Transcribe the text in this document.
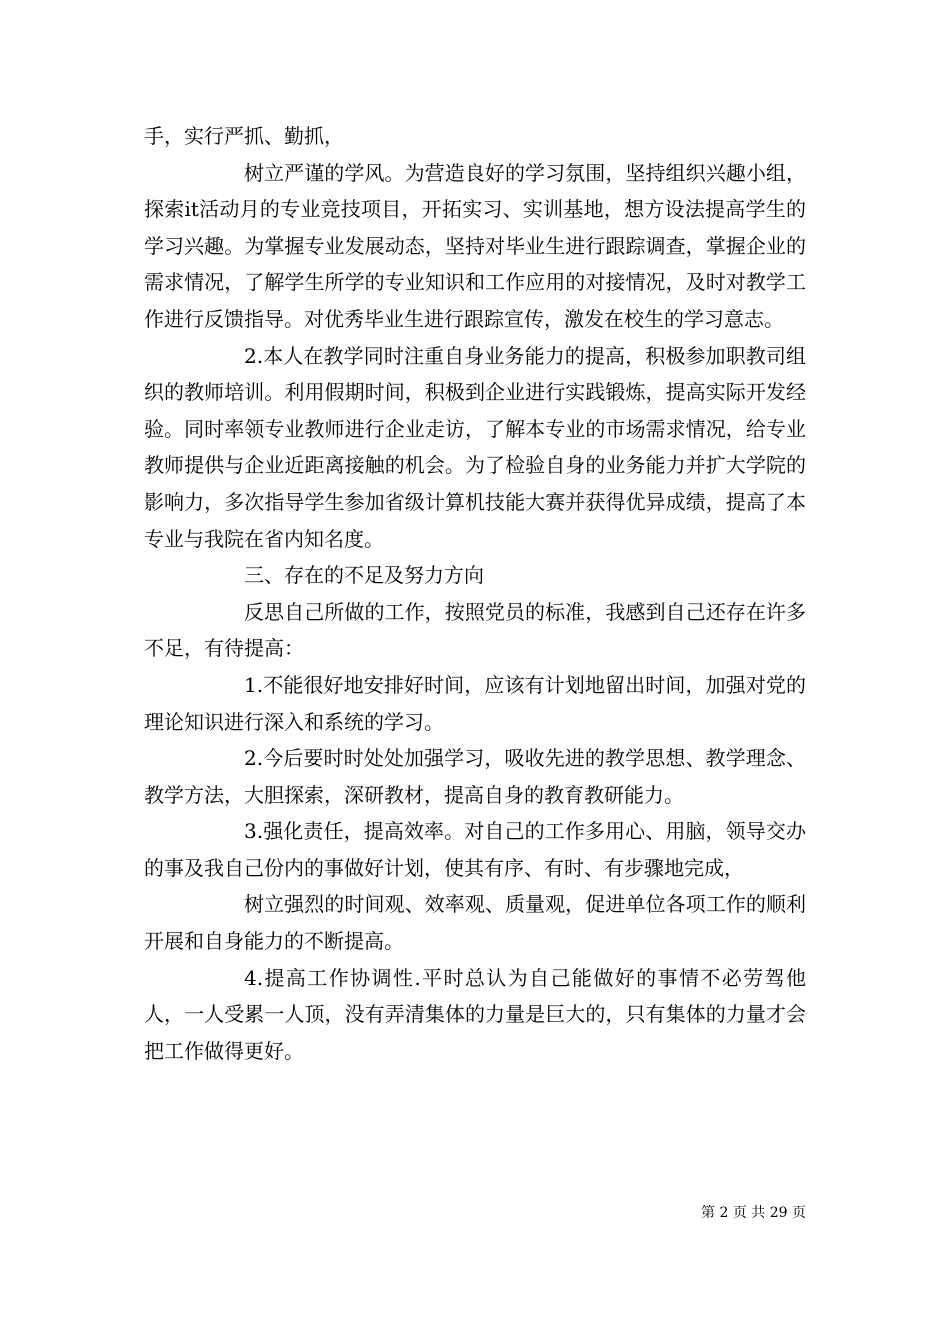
手，实行严抓、勤抓，

树立严谨的学风。为营造良好的学习氛围，坚持组织兴趣小组，探索it活动月的专业竞技项目，开拓实习、实训基地，想方设法提高学生的学习兴趣。为掌握专业发展动态，坚持对毕业生进行跟踪调查，掌握企业的需求情况，了解学生所学的专业知识和工作应用的对接情况，及时对教学工作进行反馈指导。对优秀毕业生进行跟踪宣传，激发在校生的学习意志。

2.本人在教学同时注重自身业务能力的提高，积极参加职教司组织的教师培训。利用假期时间，积极到企业进行实践锻炼，提高实际开发经验。同时率领专业教师进行企业走访，了解本专业的市场需求情况，给专业教师提供与企业近距离接触的机会。为了检验自身的业务能力并扩大学院的影响力，多次指导学生参加省级计算机技能大赛并获得优异成绩，提高了本专业与我院在省内知名度。

三、存在的不足及努力方向

反思自己所做的工作，按照党员的标准，我感到自己还存在许多不足，有待提高：

1.不能很好地安排好时间，应该有计划地留出时间，加强对党的理论知识进行深入和系统的学习。

2.今后要时时处处加强学习，吸收先进的教学思想、教学理念、教学方法，大胆探索，深研教材，提高自身的教育教研能力。

3.强化责任，提高效率。对自己的工作多用心、用脑，领导交办的事及我自己份内的事做好计划，使其有序、有时、有步骤地完成，

树立强烈的时间观、效率观、质量观，促进单位各项工作的顺利开展和自身能力的不断提高。

4.提高工作协调性.平时总认为自己能做好的事情不必劳驾他人，一人受累一人顶，没有弄清集体的力量是巨大的，只有集体的力量才会把工作做得更好。

第 2 页 共 29 页
